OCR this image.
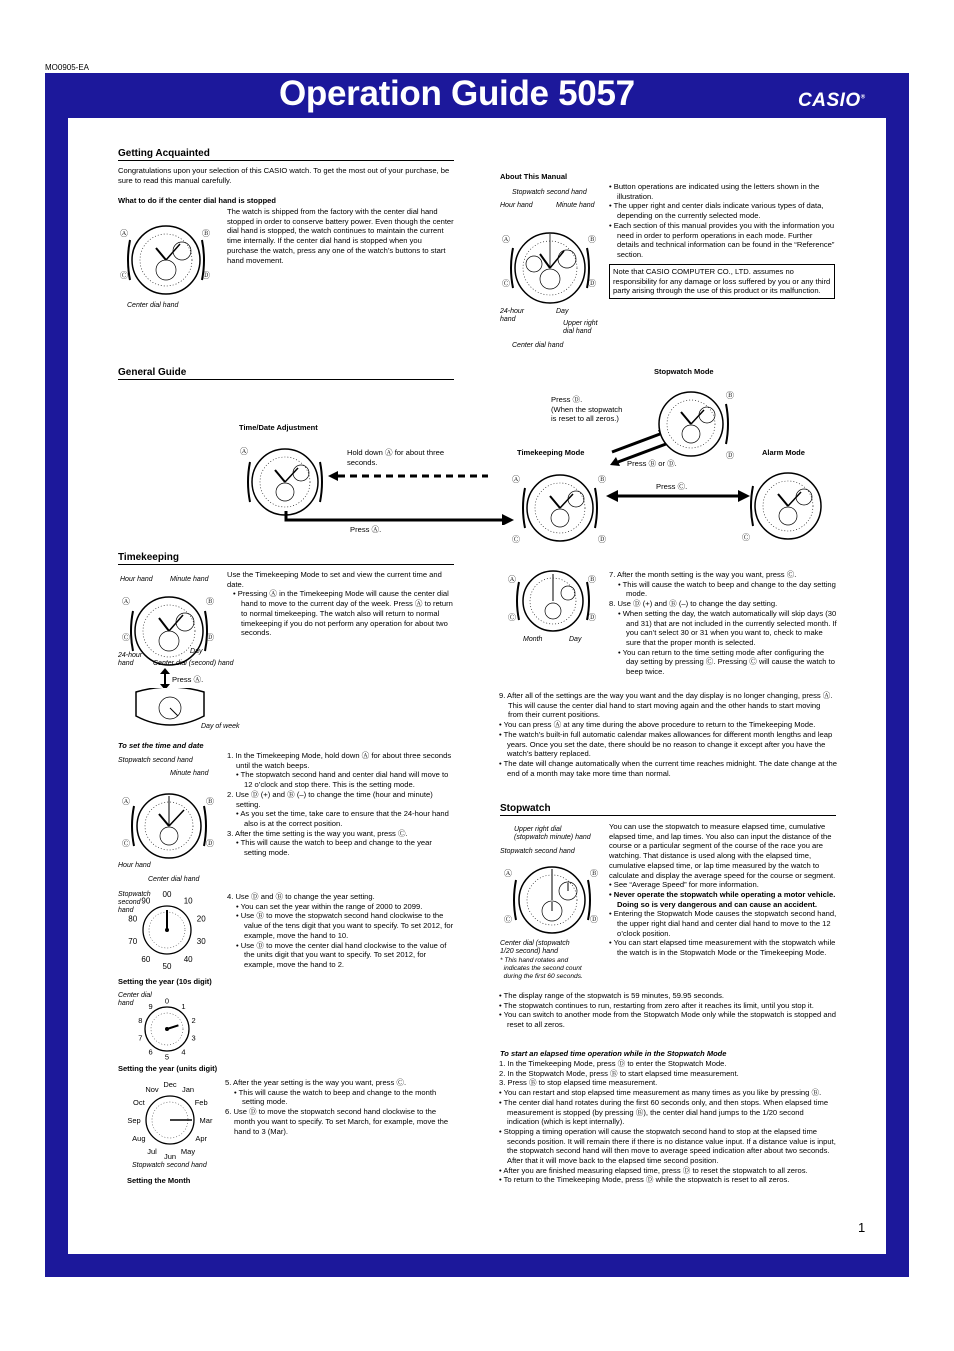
MO0905-EA
Operation Guide 5057	CASIO®
Getting Acquainted
Congratulations upon your selection of this CASIO watch. To get the most out of your purchase, be sure to read this manual carefully.
What to do if the center dial hand is stopped
The watch is shipped from the factory with the center dial hand stopped in order to conserve battery power. Even though the center dial hand is stopped, the watch continues to maintain the current time internally. If the center dial hand is stopped when you purchase the watch, press any one of the watch’s buttons to start hand movement.
Ⓐ	Ⓑ
Ⓒ	Ⓓ
Center dial hand
About This Manual
Stopwatch second hand
Hour hand	Minute hand
Ⓐ	Ⓑ
Ⓒ	Ⓓ
24-hour
hand
Day
Upper right
dial hand
Center dial hand

• Button operations are indicated using the letters shown in the illustration.

• The upper right and center dials indicate various types of data, depending on the currently selected mode.

• Each section of this manual provides you with the information you need in order to perform operations in each mode. Further details and technical information can be found in the “Reference” section.

Note that CASIO COMPUTER CO., LTD. assumes no responsibility for any damage or loss suffered by you or any third party arising through the use of this product or its malfunction.
General Guide
Time/Date Adjustment
Ⓐ	Hold down Ⓐ for about three seconds.
Press Ⓐ.
Timekeeping Mode
Ⓐ	Ⓑ
Ⓒ	Ⓓ
Press Ⓓ.
(When the stopwatch
is reset to all zeros.)
Stopwatch Mode
Ⓑ
Ⓓ
Press Ⓑ or Ⓓ.
Press Ⓒ.
Alarm Mode
Ⓒ
Timekeeping
Hour hand Minute hand
Ⓐ	Ⓑ
Ⓒ	Ⓓ
24-hour
hand
Day
Center dial (second) hand
Press Ⓐ.
Day of week

Use the Timekeeping Mode to set and view the current time and date.

• Pressing Ⓐ in the Timekeeping Mode will cause the center dial hand to move to the current day of the week. Press Ⓐ to return to normal timekeeping. The watch also will return to normal timekeeping if you do not perform any operation for about two seconds.

To set the time and date
Stopwatch second hand
Minute hand
Ⓐ	Ⓑ
Ⓒ	Ⓓ
Hour hand
Center dial hand

1. In the Timekeeping Mode, hold down Ⓐ for about three seconds until the watch beeps.

• The stopwatch second hand and center dial hand will move to 12 o’clock and stop there. This is the setting mode.

2. Use Ⓓ (+) and Ⓑ (–) to change the time (hour and minute) setting.

• As you set the time, take care to ensure that the 24-hour hand also is at the correct position.

3. After the time setting is the way you want, press Ⓒ.

• This will cause the watch to beep and change to the year setting mode.

Stopwatch
second
hand
00
10
20
30
40
50
60
70
80
90
Setting the year (10s digit)

4. Use Ⓓ and Ⓑ to change the year setting.

• You can set the year within the range of 2000 to 2099.

• Use Ⓑ to move the stopwatch second hand clockwise to the value of the tens digit that you want to specify. To set 2012, for example, move the hand to 10.

• Use Ⓓ to move the center dial hand clockwise to the value of the units digit that you want to specify. To set 2012, for example, move the hand to 2.

Center dial
hand	0
1
2
3
4
5
6
7
8
9
Setting the year (units digit)
Jan
Feb
Mar
Apr
May
Jun
Jul
Aug
Sep
Oct
Nov
Dec
Stopwatch second hand
Setting the Month

5. After the year setting is the way you want, press Ⓒ.

• This will cause the watch to beep and change to the month setting mode.

6. Use Ⓓ to move the stopwatch second hand clockwise to the month you want to specify. To set March, for example, move the hand to 3 (Mar).

Ⓐ	Ⓑ
Ⓒ	Ⓓ
Month	Day

7. After the month setting is the way you want, press Ⓒ.

• This will cause the watch to beep and change to the day setting mode.

8. Use Ⓓ (+) and Ⓑ (–) to change the day setting.

• When setting the day, the watch automatically will skip days (30 and 31) that are not included in the currently selected month. If you can’t select 30 or 31 when you want to, check to make sure that the proper month is selected.

• You can return to the time setting mode after configuring the day setting by pressing Ⓒ. Pressing Ⓒ will cause the watch to beep twice.

9. After all of the settings are the way you want and the day display is no longer changing, press Ⓐ. This will cause the center dial hand to start moving again and the other hands to start moving from their current positions.

• You can press Ⓐ at any time during the above procedure to return to the Timekeeping Mode.

• The watch’s built-in full automatic calendar makes allowances for different month lengths and leap years. Once you set the date, there should be no reason to change it except after you have the watch’s battery replaced.

• The date will change automatically when the current time reaches midnight. The date change at the end of a month may take more time than normal.

Stopwatch
Upper right dial
(stopwatch minute) hand
Stopwatch second hand
Ⓐ	Ⓑ
Ⓒ	Ⓓ
Center dial (stopwatch
1/20 second) hand
* This hand rotates and
indicates the second count
during the first 60 seconds.

You can use the stopwatch to measure elapsed time, cumulative elapsed time, and lap times. You also can input the distance of the course or a particular segment of the course of the race you are watching. That distance is used along with the elapsed time, cumulative elapsed time, or lap time measured by the watch to calculate and display the average speed for the course or segment.

• See “Average Speed” for more information.

• Never operate the stopwatch while operating a motor vehicle. Doing so is very dangerous and can cause an accident.

• Entering the Stopwatch Mode causes the stopwatch second hand, the upper right dial hand and center dial hand to move to the 12 o’clock position.

• You can start elapsed time measurement with the stopwatch while the watch is in the Stopwatch Mode or the Timekeeping Mode.

• The display range of the stopwatch is 59 minutes, 59.95 seconds.

• The stopwatch continues to run, restarting from zero after it reaches its limit, until you stop it.

• You can switch to another mode from the Stopwatch Mode only while the stopwatch is stopped and reset to all zeros.

To start an elapsed time operation while in the Stopwatch Mode

1. In the Timekeeping Mode, press Ⓓ to enter the Stopwatch Mode.

2. In the Stopwatch Mode, press Ⓑ to start elapsed time measurement.

3. Press Ⓑ to stop elapsed time measurement.

• You can restart and stop elapsed time measurement as many times as you like by pressing Ⓑ.

• The center dial hand rotates during the first 60 seconds only, and then stops. When elapsed time measurement is stopped (by pressing Ⓑ), the center dial hand jumps to the 1/20 second indication (which is kept internally).

• Stopping a timing operation will cause the stopwatch second hand to stop at the elapsed time seconds position. It will remain there if there is no distance value input. If a distance value is input, the stopwatch second hand will then move to average speed indication after about two seconds. After that it will move back to the elapsed time second position.

• After you are finished measuring elapsed time, press Ⓓ to reset the stopwatch to all zeros.

• To return to the Timekeeping Mode, press Ⓓ while the stopwatch is reset to all zeros.

1
